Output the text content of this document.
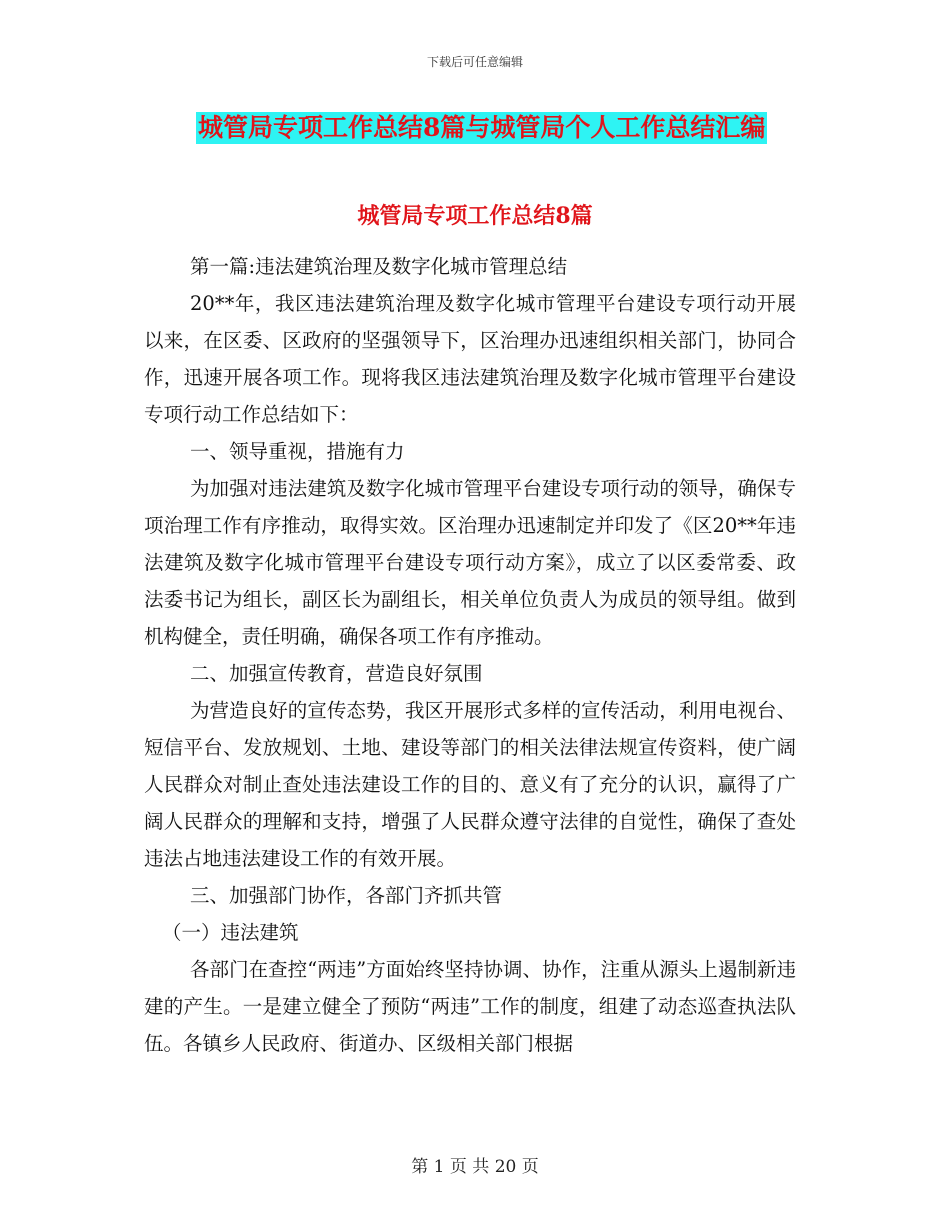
下载后可任意编辑
城管局专项工作总结8篇与城管局个人工作总结汇编
城管局专项工作总结8篇

第一篇:违法建筑治理及数字化城市管理总结

20**年，我区违法建筑治理及数字化城市管理平台建设专项行动开展以来，在区委、区政府的坚强领导下，区治理办迅速组织相关部门，协同合作，迅速开展各项工作。现将我区违法建筑治理及数字化城市管理平台建设专项行动工作总结如下：

一、领导重视，措施有力

为加强对违法建筑及数字化城市管理平台建设专项行动的领导，确保专项治理工作有序推动，取得实效。区治理办迅速制定并印发了《区20**年违法建筑及数字化城市管理平台建设专项行动方案》，成立了以区委常委、政法委书记为组长，副区长为副组长，相关单位负责人为成员的领导组。做到机构健全，责任明确，确保各项工作有序推动。

二、加强宣传教育，营造良好氛围

为营造良好的宣传态势，我区开展形式多样的宣传活动，利用电视台、短信平台、发放规划、土地、建设等部门的相关法律法规宣传资料，使广阔人民群众对制止查处违法建设工作的目的、意义有了充分的认识，赢得了广阔人民群众的理解和支持，增强了人民群众遵守法律的自觉性，确保了查处违法占地违法建设工作的有效开展。

三、加强部门协作，各部门齐抓共管

（一）违法建筑

各部门在查控“两违”方面始终坚持协调、协作，注重从源头上遏制新违建的产生。一是建立健全了预防“两违”工作的制度，组建了动态巡查执法队伍。各镇乡人民政府、街道办、区级相关部门根据

第 1 页 共 20 页
